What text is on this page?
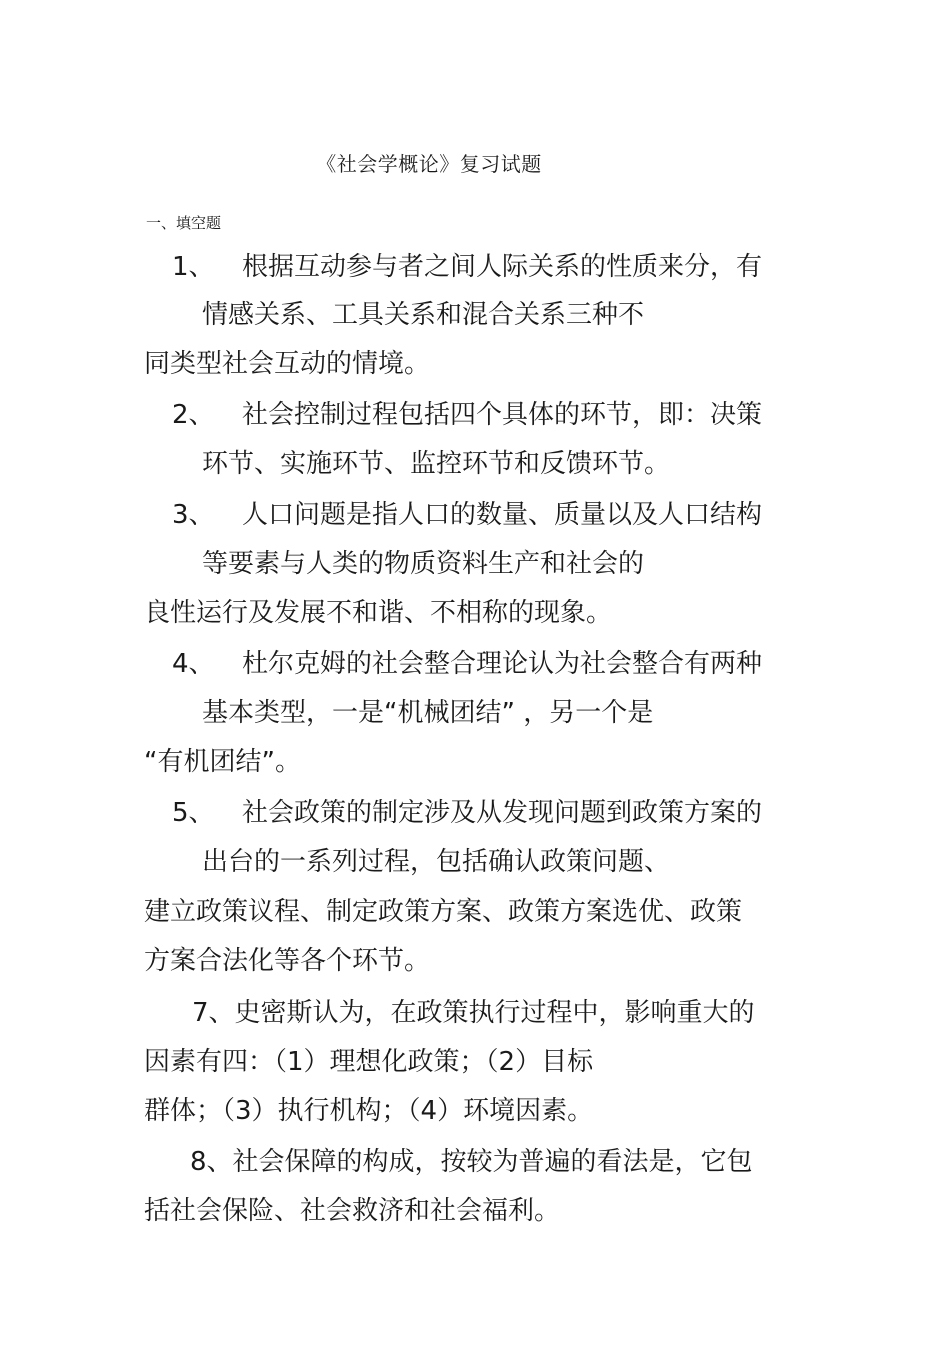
《社会学概论》复习试题
一、填空题
1、 根据互动参与者之间人际关系的性质来分，有
情感关系、工具关系和混合关系三种不
同类型社会互动的情境。
2、 社会控制过程包括四个具体的环节，即：决策
环节、实施环节、监控环节和反馈环节。
3、 人口问题是指人口的数量、质量以及人口结构
等要素与人类的物质资料生产和社会的
良性运行及发展不和谐、不相称的现象。
4、 杜尔克姆的社会整合理论认为社会整合有两种
基本类型，一是“机械团结” ，另一个是
“有机团结”。
5、 社会政策的制定涉及从发现问题到政策方案的
出台的一系列过程，包括确认政策问题、
建立政策议程、制定政策方案、政策方案选优、政策
方案合法化等各个环节。
7、史密斯认为，在政策执行过程中，影响重大的
因素有四：（1）理想化政策；（2）目标
群体；（3）执行机构；（4）环境因素。
8、社会保障的构成，按较为普遍的看法是，它包
括社会保险、社会救济和社会福利。
